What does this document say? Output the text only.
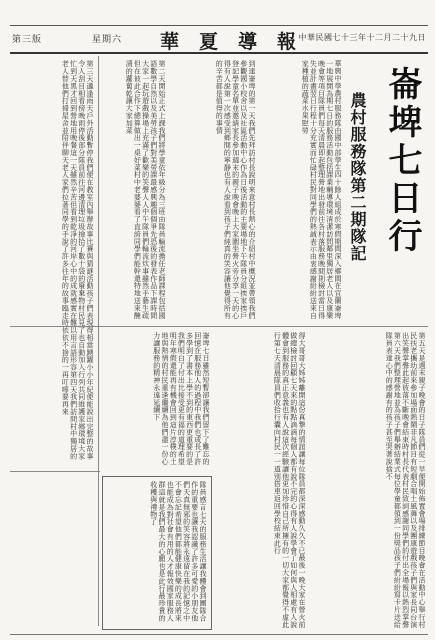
第三版	星期六 華夏導報
中華民國七十三年十二月二十九日
崙埤七日行
農村服務隊第二期隊記
華興中學農村服務隊由國中部學生四十餘人組成於寒假期間深入鄉間在宜蘭崙埤一地展開為期七日的服務活動包括課業輔導環境清潔訪問鄰里獨居老人以及康樂晚會等項目隊員們每天清晨即起整理營地出發前往各村落服務晚間則檢討當日得失並計畫翌日行程十分充實而忙碌村民對同學們的熱誠表示由衷感謝紛紛送來自家種植的蔬菜水果慰勞
到達崙埤的第一天我們先拜訪村長說明來意村長熱心的介紹村中概況並帶領我們參觀國小校舍以及社區活動中心作為日後活動的主要場地下午隊員分組挨家挨戶登記學童名單並邀請家長參加週末的親子晚會晚上大家圍坐營火旁分享一天的心得有人說第一次感受到鄉間的寧靜也有人說看到孩子們純真的笑容讓他覺得所有的辛苦都是值得的事情
第二天開始正式上課我們將學童依年級分為三班由隊員輪流擔任老師課程包括國語數學自然以及美勞孩子們對美勞課最感興趣個個爭先恐後的發表作品下課時間大家一起玩遊戲操場上充滿了歡樂的笑聲人人中午隊員們輪流炊事雖然手藝生疏但在彼此合作下總算做出一桌好菜村中老婆婆看了直誇同學們能幹還特地送來醃漬的蘿蔔乾讓大家加菜
第三天適逢雨天戶外活動暫停我們便在教室內舉辦故事比賽與猜謎活動孩子們表現得相當踴躍小小年紀便能說出完整的故事令人刮目相看傍晚雨停後部分隊員前往河邊清理垃圾撿拾了數十袋的廢棄物村民見了也自動加入行列共同維護家鄉環境大家忙到天黑才回到營地用晚餐這一天雖然辛苦但看到乾淨的河岸心中的成就感實在難以用言語形容第四天我們訪問村中獨居的老人替他們打掃屋舍並陪伴聊天老人家們拉著同學的手說了許多往年的故事臨走時依依不捨的一再叮嚀要再來
第五天是週末親子晚會的日子隊員們從一早便開始佈置會場排練節目晚會在活動中心舉行村民扶老攜幼前來參加場面熱鬧非凡節目有短劇合唱土風舞以及團康遊戲孩子們與家長同台演出笑聲掌聲此起彼落不斷晚會結束時村長代表村民致詞感謝同學們的付出全場報以熱烈掌聲第六天我們整理營地並為孩子們舉辦結業式每位學童都領到一份獎品孩子們紛紛寫卡片送給隊員表達心中的感謝有的孩子甚至哭著說捨不
得大哥哥大姊姊離開這份真摯的情誼讓每位隊員都深深感動久久不已最後一晚大家在營火前做總檢討回顧七天來的點點滴滴每個人都有說不完的心得有人說學會了如何與人相處有人說體會到服務的真正意義也有人說這次經驗讓他更加珍惜自己所擁有的一切大家都覺得不虛此行第七天清晨隊員們收拾行囊向村民一一道別搭車返回學校結束此行
崙埤七日雖然短暫卻讓我們留下了難忘的回憶在服務他人的過程中我們也成長了許多學到了書本上學不到的東西更重要的是我們明白了付出比接受更有福的道理希望明年寒假還能再有機會回到這片淳樸的土地與熱情的村民重逢繼續為他們盡一份心力讓服務的精神永遠延續下
隊員感言七天的服務生活讓我體會到團隊合作的重要也讓我認識了許多可愛的小朋友他們天真無邪的笑容將永遠留在我的記憶之中不會忘記希望他們都能健康快樂的成長將來也能成為對社會有用的人才報效國家服務人群這就是我們最大的心願也是此行最珍貴的收穫與禮物了
